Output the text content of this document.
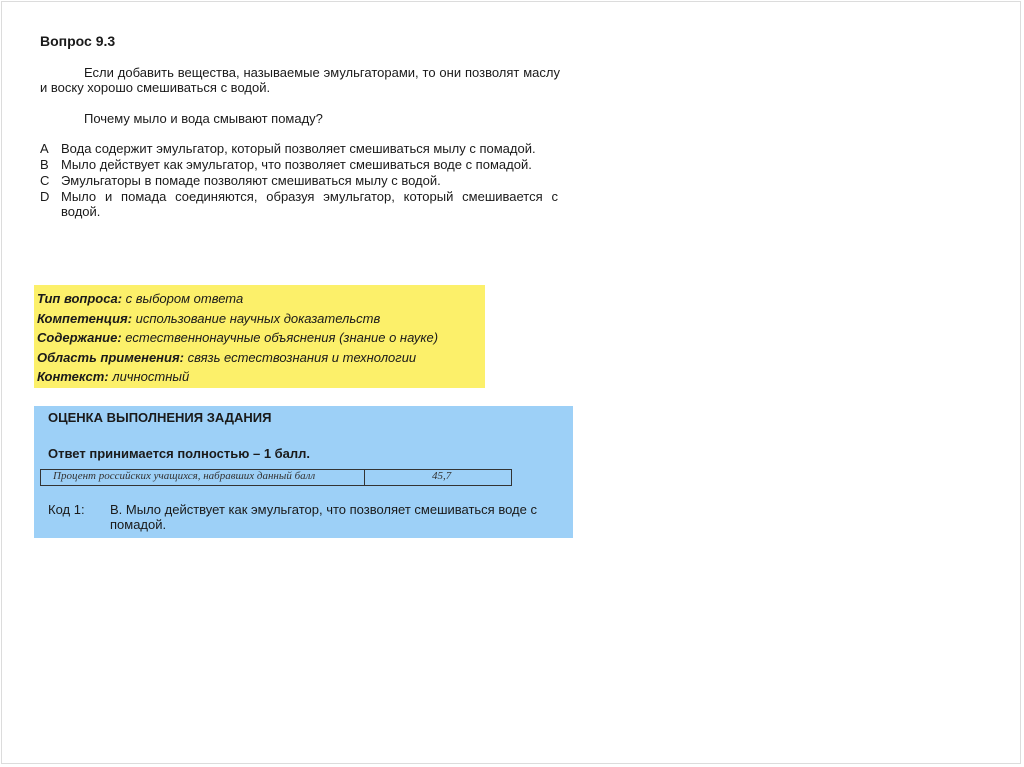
Вопрос 9.3
Если добавить вещества, называемые эмульгаторами, то они позволят маслу и воску хорошо смешиваться с водой.
Почему мыло и вода смывают помаду?
A Вода содержит эмульгатор, который позволяет смешиваться мылу с помадой.
B Мыло действует как эмульгатор, что позволяет смешиваться воде с помадой.
C Эмульгаторы в помаде позволяют смешиваться мылу с водой.
D Мыло и помада соединяются, образуя эмульгатор, который смешивается с водой.
Тип вопроса: с выбором ответа
Компетенция: использование научных доказательств
Содержание: естественнонаучные объяснения (знание о науке)
Область применения: связь естествознания и технологии
Контекст: личностный
ОЦЕНКА ВЫПОЛНЕНИЯ ЗАДАНИЯ
Ответ принимается полностью – 1 балл.
Процент российских учащихся, набравших данный балл	45,7
Код 1: В. Мыло действует как эмульгатор, что позволяет смешиваться воде с помадой.
